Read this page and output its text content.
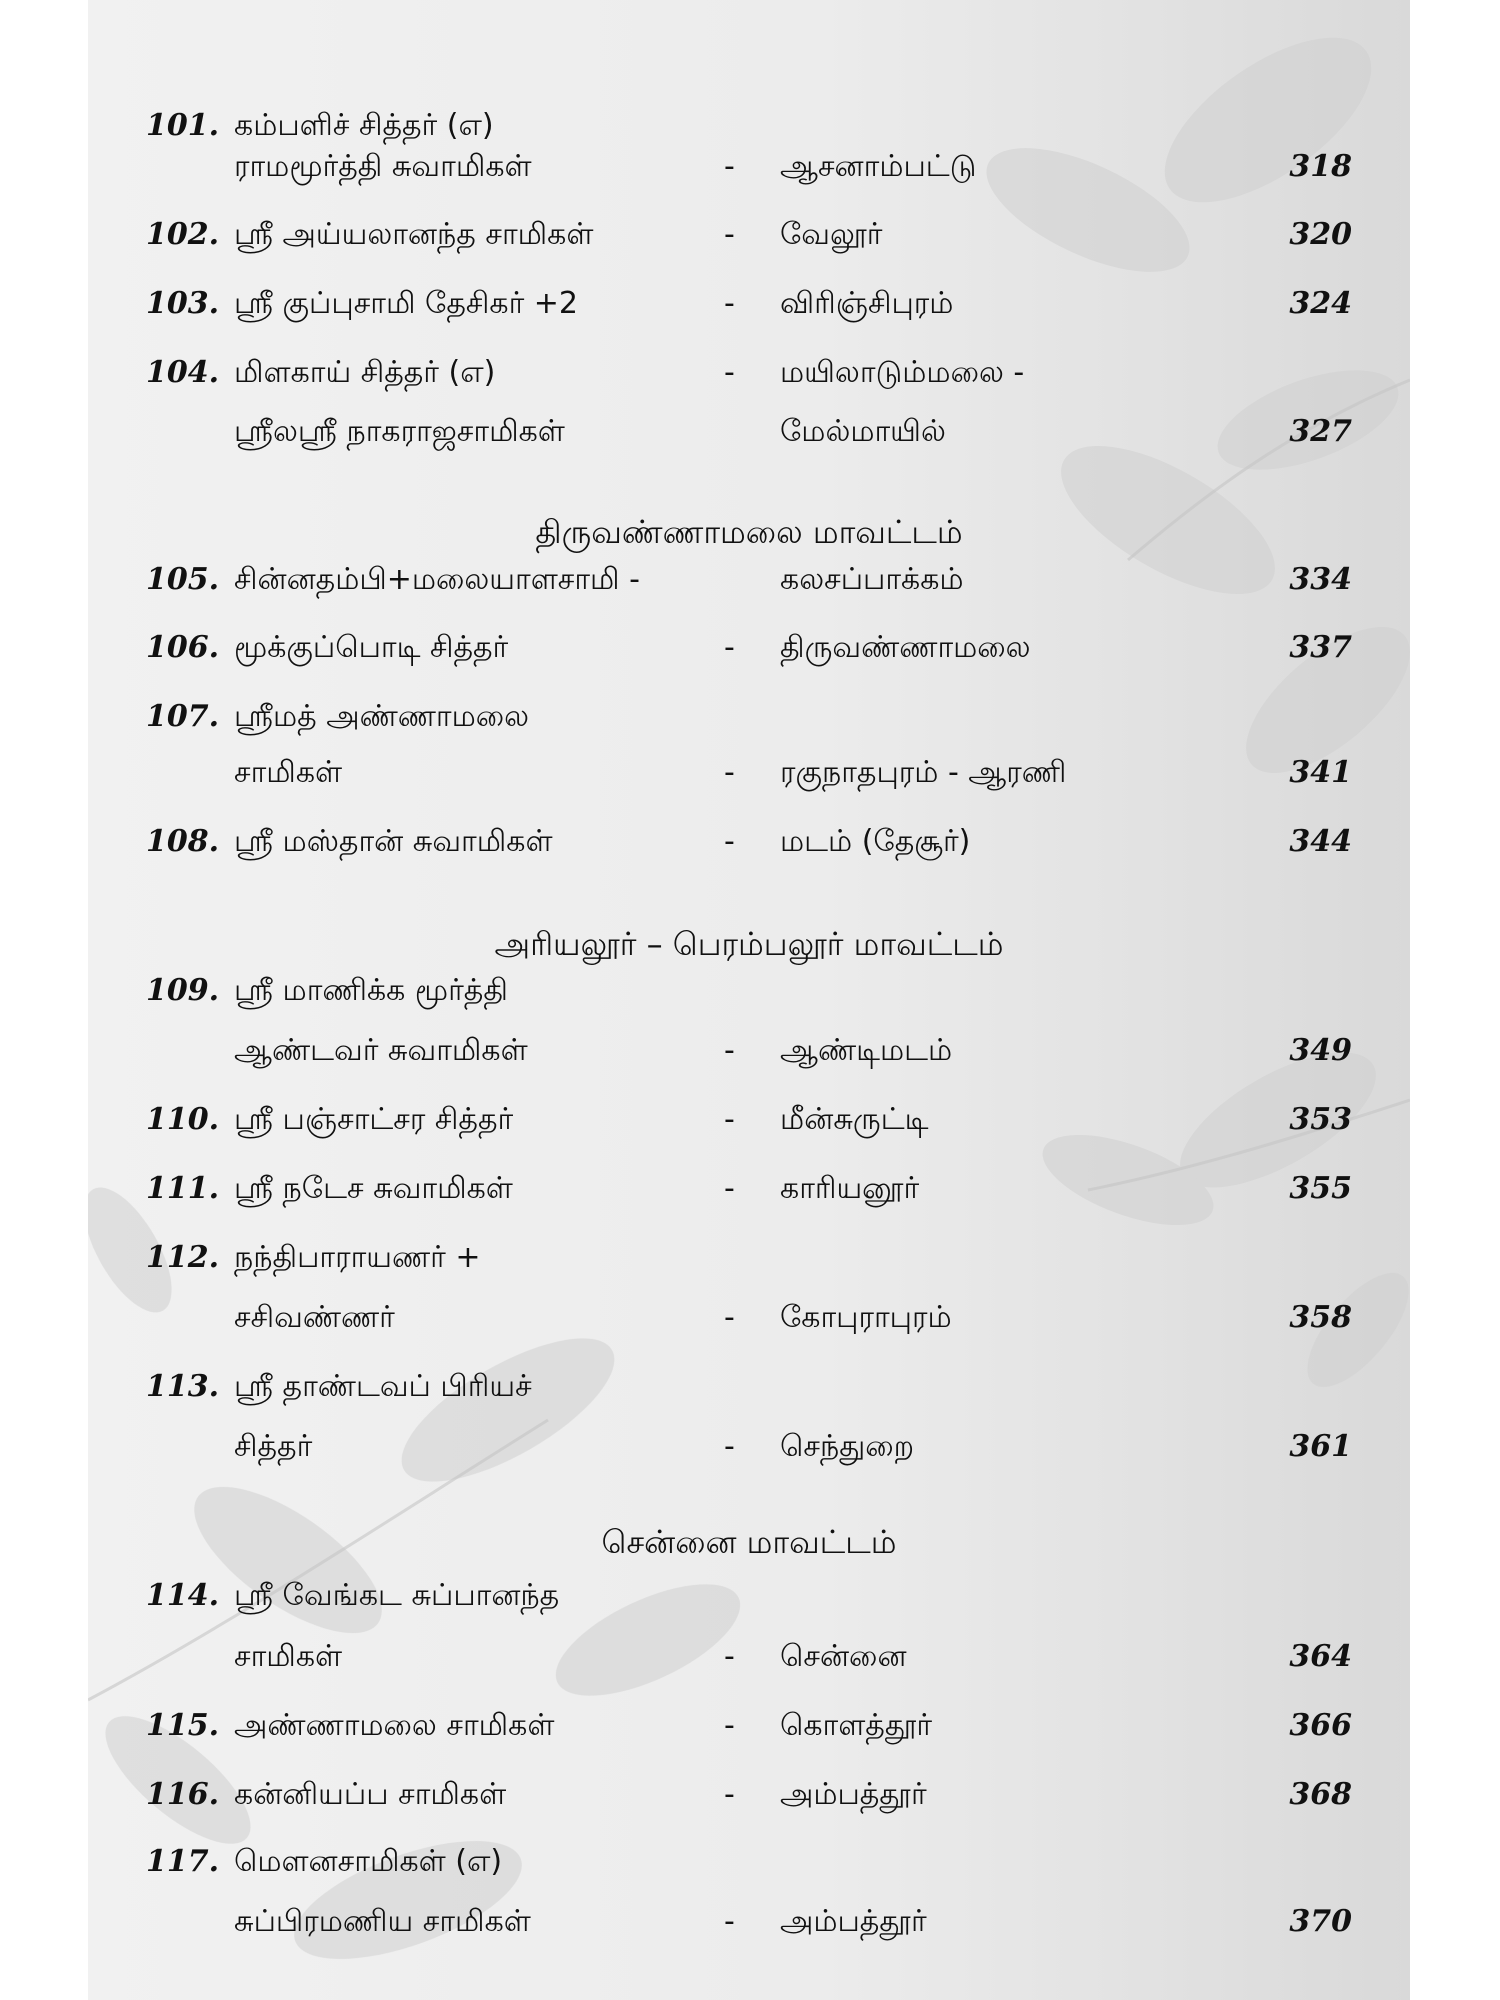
101. கம்பளிச் சித்தர் (எ)
ராமமூர்த்தி சுவாமிகள்	- ஆசனாம்பட்டு	318
102. ஸ்ரீ அய்யலானந்த சாமிகள்	- வேலூர்	320
103. ஸ்ரீ குப்புசாமி தேசிகர் +2	- விரிஞ்சிபுரம்	324
104. மிளகாய் சித்தர் (எ)	- மயிலாடும்மலை -
ஸ்ரீலஸ்ரீ நாகராஜசாமிகள்	மேல்மாயில்	327
105. சின்னதம்பி+மலையாளசாமி -	கலசப்பாக்கம்	334
106. மூக்குப்பொடி சித்தர்	- திருவண்ணாமலை	337
107. ஸ்ரீமத் அண்ணாமலை
சாமிகள்	- ரகுநாதபுரம் - ஆரணி	341
108. ஸ்ரீ மஸ்தான் சுவாமிகள்	- மடம் (தேசூர்)	344
109. ஸ்ரீ மாணிக்க மூர்த்தி
ஆண்டவர் சுவாமிகள்	- ஆண்டிமடம்	349
110. ஸ்ரீ பஞ்சாட்சர சித்தர்	- மீன்சுருட்டி	353
111. ஸ்ரீ நடேச சுவாமிகள்	- காரியனூர்	355
112. நந்திபாராயணர் +
சசிவண்ணர்	- கோபுராபுரம்	358
113. ஸ்ரீ தாண்டவப் பிரியச்
சித்தர்	- செந்துறை	361
114. ஸ்ரீ வேங்கட சுப்பானந்த
சாமிகள்	- சென்னை	364
115. அண்ணாமலை சாமிகள்	- கொளத்தூர்	366
116. கன்னியப்ப சாமிகள்	- அம்பத்தூர்	368
117. மௌனசாமிகள் (எ)
சுப்பிரமணிய சாமிகள்	- அம்பத்தூர்	370
திருவண்ணாமலை மாவட்டம்
அரியலூர் – பெரம்பலூர் மாவட்டம்
சென்னை மாவட்டம்
